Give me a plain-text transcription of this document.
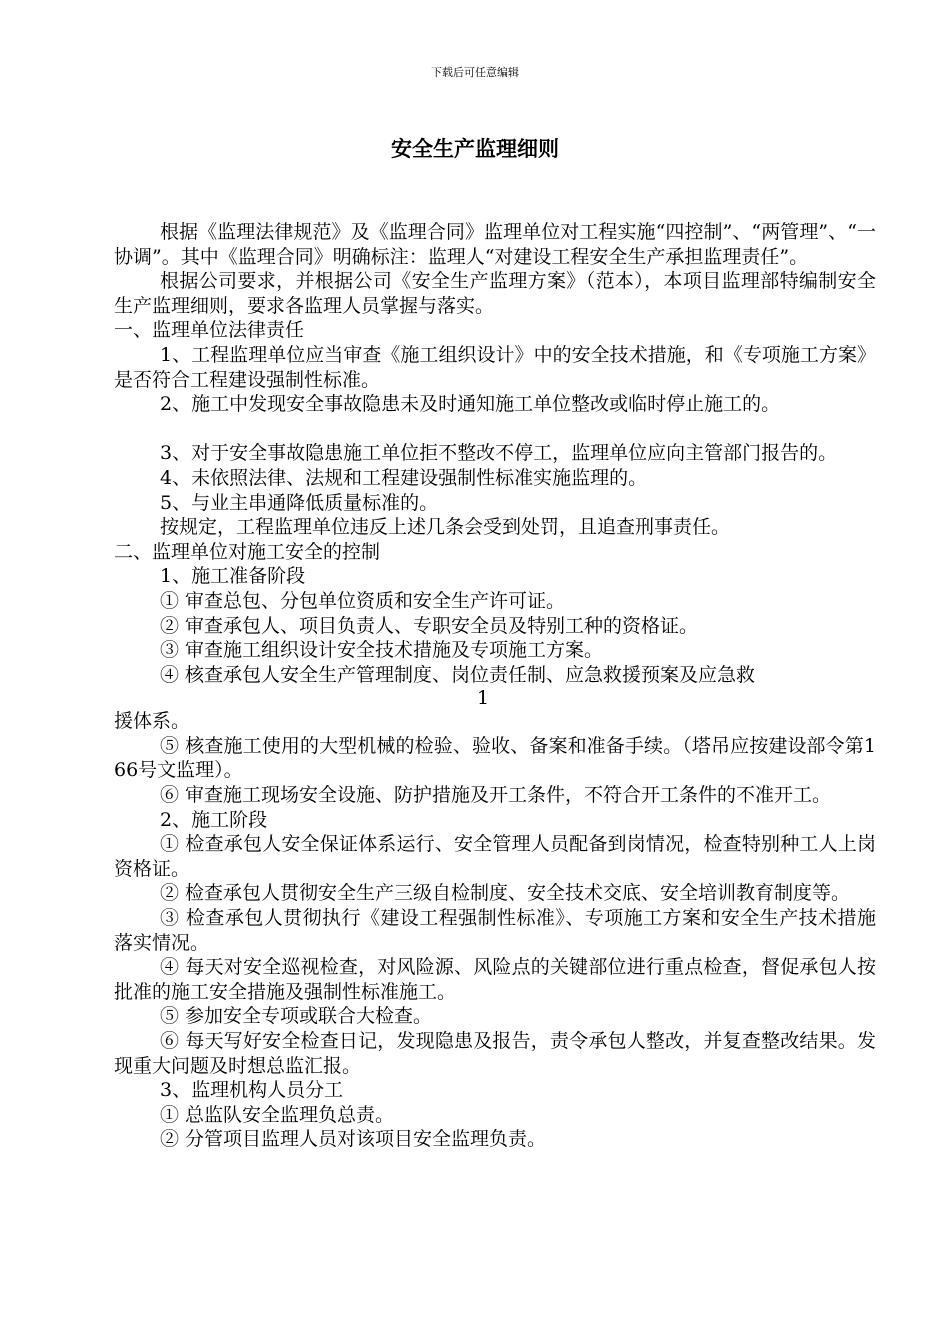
下载后可任意编辑
安全生产监理细则

根据《监理法律规范》及《监理合同》监理单位对工程实施“四控制”、“两管理”、“一协调”。其中《监理合同》明确标注：监理人“对建设工程安全生产承担监理责任”。

根据公司要求，并根据公司《安全生产监理方案》（范本），本项目监理部特编制安全生产监理细则，要求各监理人员掌握与落实。

一、监理单位法律责任

1、工程监理单位应当审查《施工组织设计》中的安全技术措施，和《专项施工方案》是否符合工程建设强制性标准。

2、施工中发现安全事故隐患未及时通知施工单位整改或临时停止施工的。

3、对于安全事故隐患施工单位拒不整改不停工，监理单位应向主管部门报告的。

4、未依照法律、法规和工程建设强制性标准实施监理的。

5、与业主串通降低质量标准的。

按规定，工程监理单位违反上述几条会受到处罚，且追查刑事责任。

二、监理单位对施工安全的控制

1、施工准备阶段

① 审查总包、分包单位资质和安全生产许可证。

② 审查承包人、项目负责人、专职安全员及特别工种的资格证。

③ 审查施工组织设计安全技术措施及专项施工方案。

④ 核查承包人安全生产管理制度、岗位责任制、应急救援预案及应急救

1

援体系。

⑤ 核查施工使用的大型机械的检验、验收、备案和准备手续。（塔吊应按建设部令第166号文监理）。

⑥ 审查施工现场安全设施、防护措施及开工条件，不符合开工条件的不准开工。

2、施工阶段

① 检查承包人安全保证体系运行、安全管理人员配备到岗情况，检查特别种工人上岗资格证。

② 检查承包人贯彻安全生产三级自检制度、安全技术交底、安全培训教育制度等。

③ 检查承包人贯彻执行《建设工程强制性标准》、专项施工方案和安全生产技术措施落实情况。

④ 每天对安全巡视检查，对风险源、风险点的关键部位进行重点检查，督促承包人按批准的施工安全措施及强制性标准施工。

⑤ 参加安全专项或联合大检查。

⑥ 每天写好安全检查日记，发现隐患及报告，责令承包人整改，并复查整改结果。发现重大问题及时想总监汇报。

3、监理机构人员分工

① 总监队安全监理负总责。

② 分管项目监理人员对该项目安全监理负责。
